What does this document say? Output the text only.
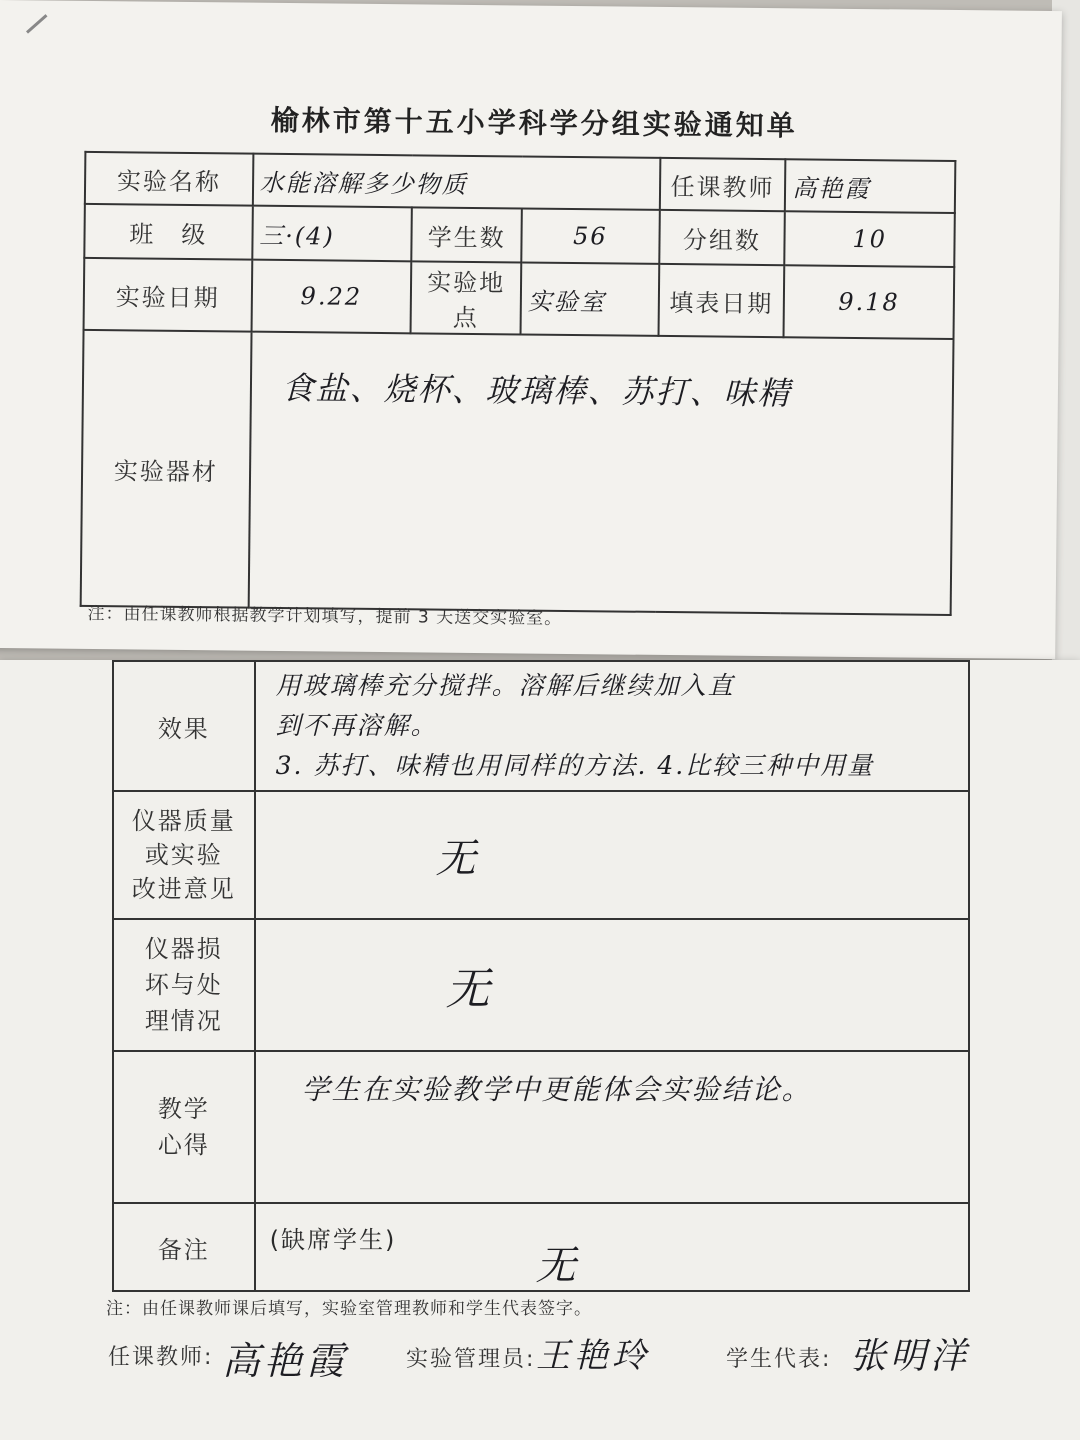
榆林市第十五小学科学分组实验通知单
实验名称	水能溶解多少物质			任课教师	高艳霞
班　级	三·(4)	学生数	56	分组数	10
实验日期	9.22	实验地点	实验室	填表日期	9.18
实验器材	食盐、烧杯、玻璃棒、苏打、味精				
注：由任课教师根据教学计划填写，提前 3 天送交实验室。
效果	用玻璃棒充分搅拌。溶解后继续加入直
到不再溶解。
3. 苏打、味精也用同样的方法. 4.比较三种中用量

仪器质量
或实验
改进意见	无

仪器损
坏与处
理情况	无

教学
心得	学生在实验教学中更能体会实验结论。
备注	(缺席学生)
无
注：由任课教师课后填写，实验室管理教师和学生代表签字。
任课教师: 高艳霞	实验管理员: 王艳玲	学生代表: 张明洋
